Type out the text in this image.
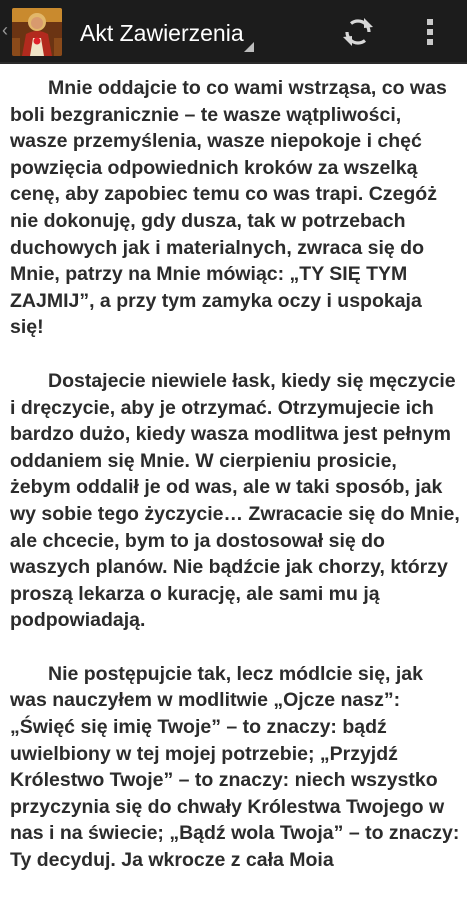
‹	Akt Zawierzenia

Mnie oddajcie to co wami wstrząsa, co was boli bezgranicznie – te wasze wątpliwości, wasze przemyślenia, wasze niepokoje i chęć powzięcia odpowiednich kroków za wszelką cenę, aby zapobiec temu co was trapi. Czegóż nie dokonuję, gdy dusza, tak w potrzebach duchowych jak i materialnych, zwraca się do Mnie, patrzy na Mnie mówiąc: „TY SIĘ TYM ZAJMIJ”, a przy tym zamyka oczy i uspokaja się!

Dostajecie niewiele łask, kiedy się męczycie i dręczycie, aby je otrzymać. Otrzymujecie ich bardzo dużo, kiedy wasza modlitwa jest pełnym oddaniem się Mnie. W cierpieniu prosicie, żebym oddalił je od was, ale w taki sposób, jak wy sobie tego życzycie… Zwracacie się do Mnie, ale chcecie, bym to ja dostosował się do waszych planów. Nie bądźcie jak chorzy, którzy proszą lekarza o kurację, ale sami mu ją podpowiadają.

Nie postępujcie tak, lecz módlcie się, jak was nauczyłem w modlitwie „Ojcze nasz”: „Święć się imię Twoje” – to znaczy: bądź uwielbiony w tej mojej potrzebie; „Przyjdź Królestwo Twoje” – to znaczy: niech wszystko przyczynia się do chwały Królestwa Twojego w nas i na świecie; „Bądź wola Twoja” – to znaczy: Ty decyduj. Ja wkrocze z cała Moia
